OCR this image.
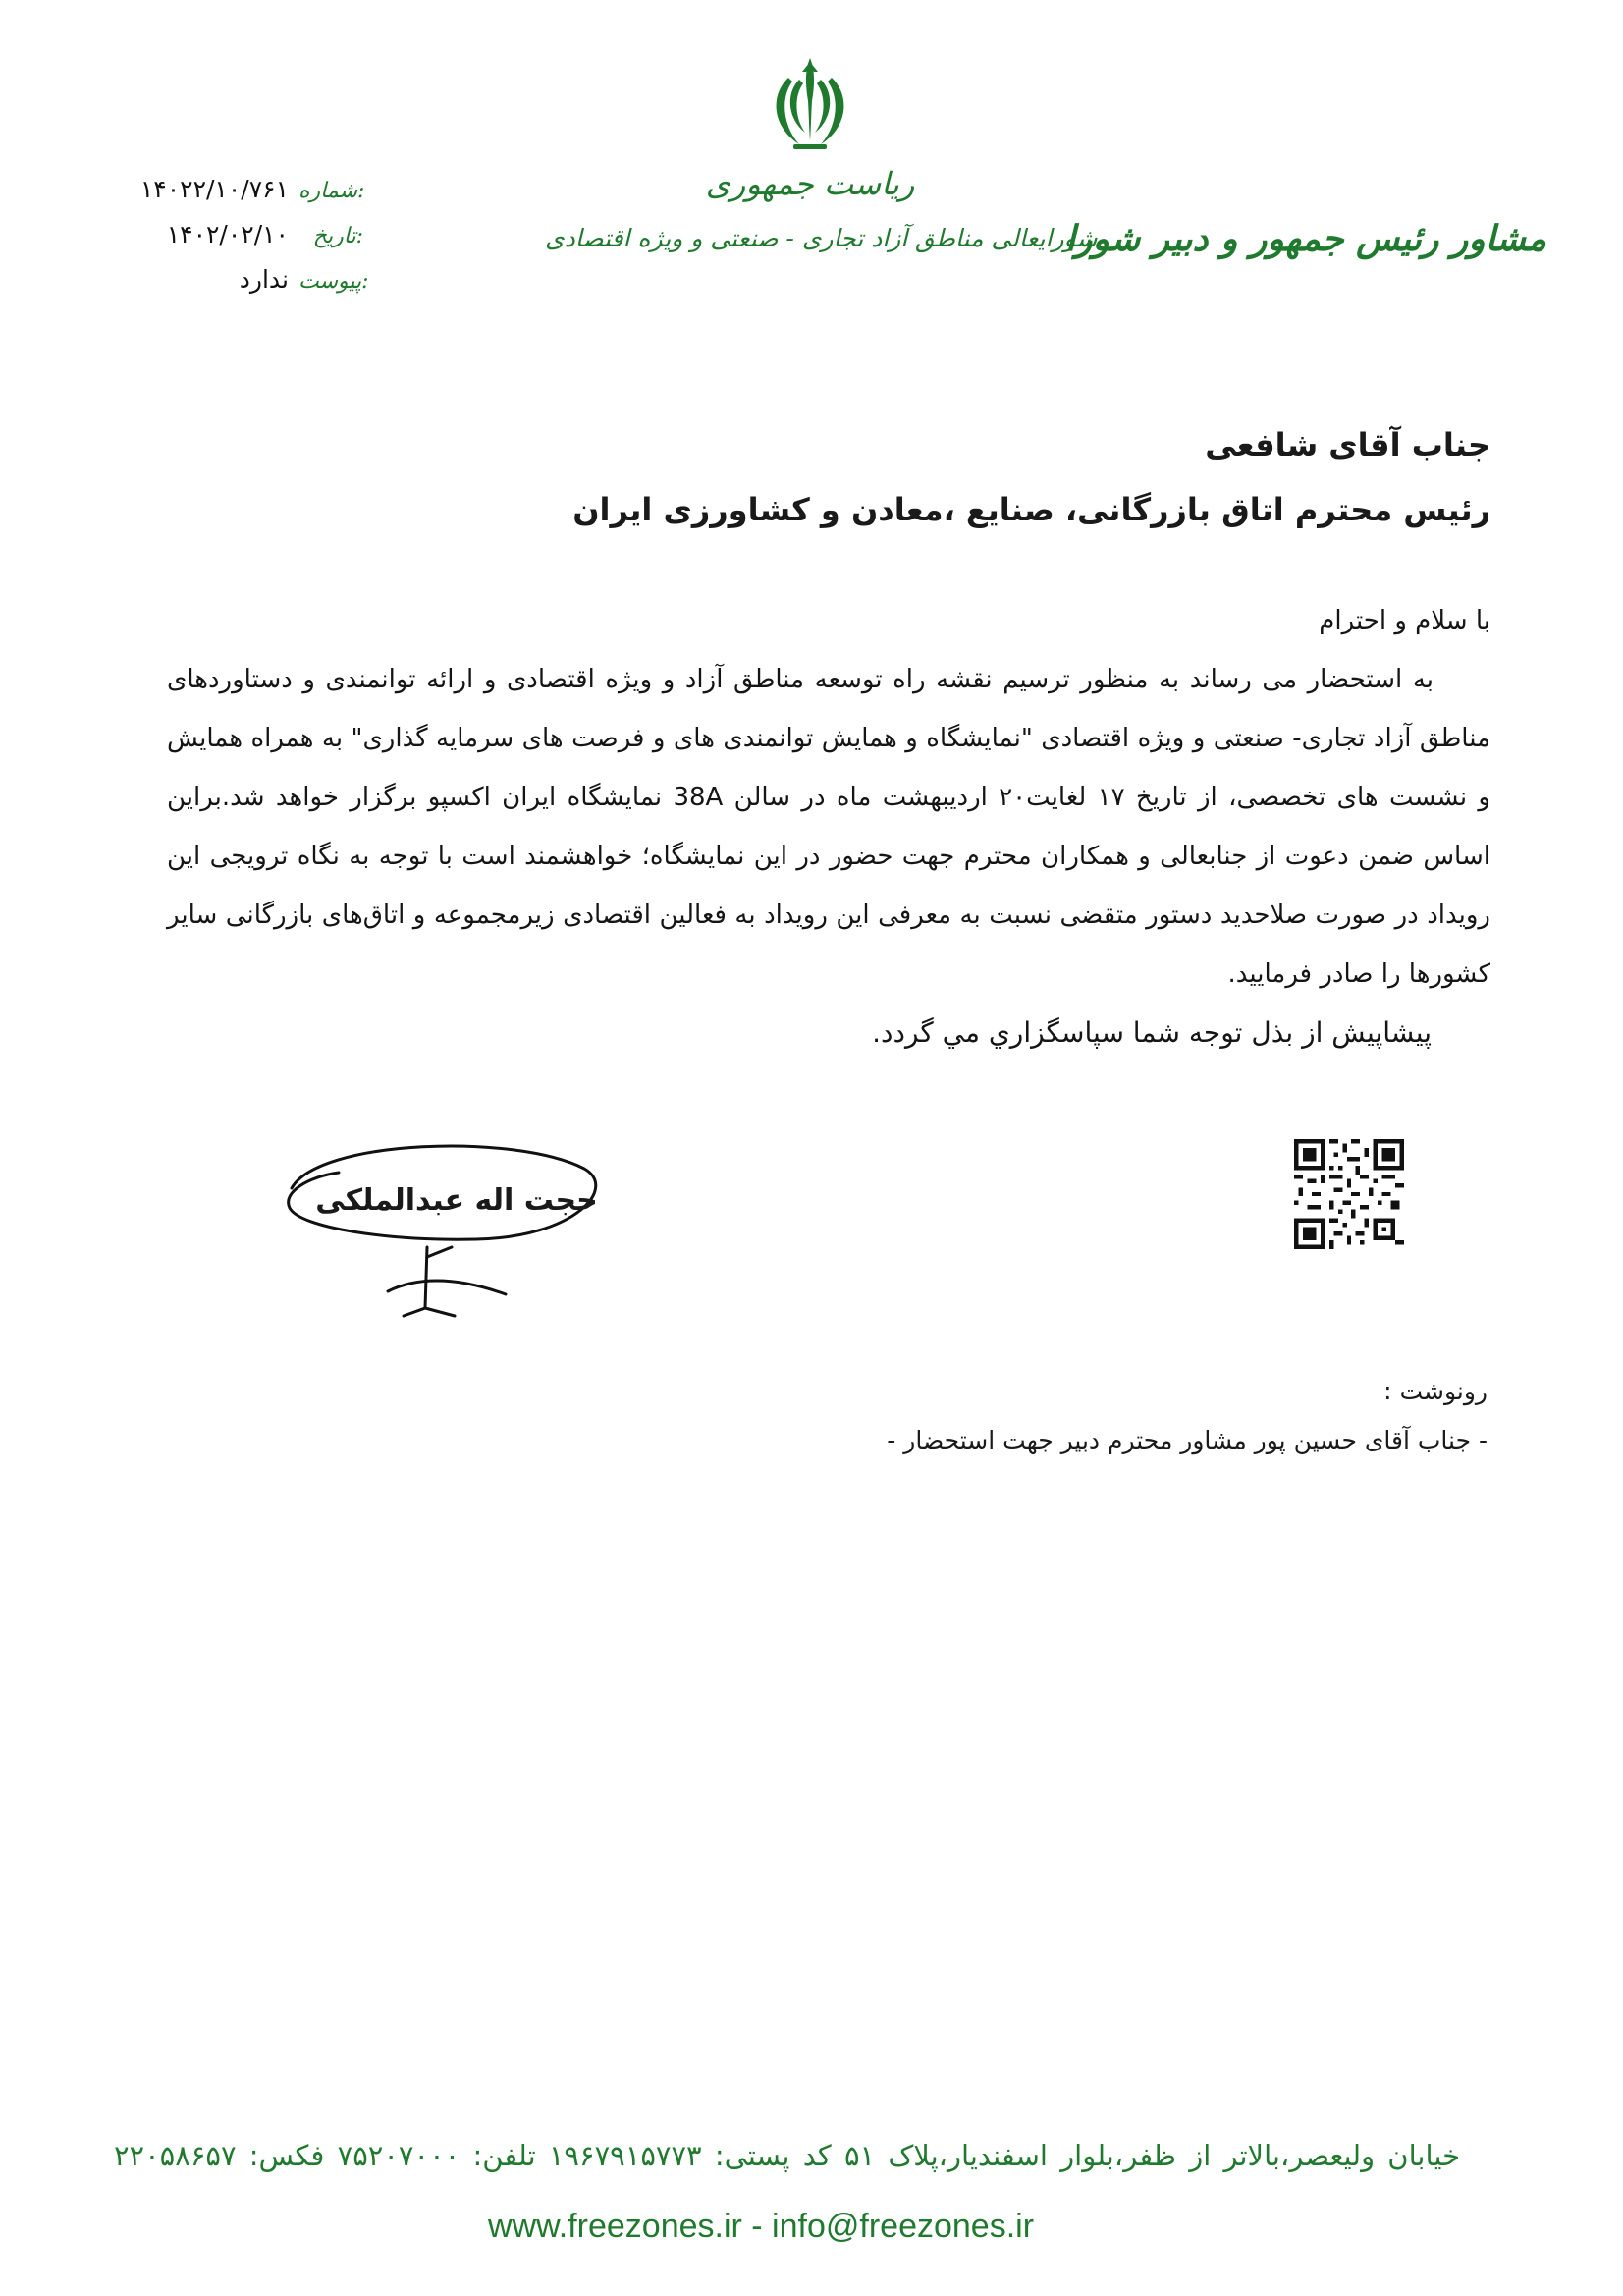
ریاست جمهوری
شورایعالی مناطق آزاد تجاری - صنعتی و ویژه اقتصادی
مشاور رئیس جمهور و دبیر شورا
شماره:
۱۴۰۲۲/۱۰/۷۶۱
تاریخ:
۱۴۰۲/۰۲/۱۰
پیوست:
ندارد
جناب آقای شافعی
رئیس محترم اتاق بازرگانی، صنایع ،معادن و کشاورزی ایران

با سلام و احترام

به استحضار می رساند به منظور ترسیم نقشه راه توسعه مناطق آزاد و ویژه اقتصادی و ارائه توانمندی و دستاوردهای مناطق آزاد تجاری- صنعتی و ویژه اقتصادی "نمایشگاه و همایش توانمندی های و فرصت های سرمایه گذاری" به همراه همایش و نشست های تخصصی، از تاریخ ۱۷ لغایت۲۰ اردیبهشت ماه در سالن 38A نمایشگاه ایران اکسپو برگزار خواهد شد.براین اساس ضمن دعوت از جنابعالی و همکاران محترم جهت حضور در این نمایشگاه؛ خواهشمند است با توجه به نگاه ترویجی این رویداد در صورت صلاحدید دستور متقضی نسبت به معرفی این رویداد به فعالین اقتصادی زیرمجموعه و اتاق‌های بازرگانی سایر کشورها را صادر فرمایید.

پیشاپیش از بذل توجه شما سپاسگزاري مي گردد.

حجت اله عبدالملکی
رونوشت :
- جناب آقای حسین پور مشاور محترم دبیر جهت استحضار -
خیابان ولیعصر،بالاتر از ظفر،بلوار اسفندیار،پلاک ۵۱ کد پستی: ۱۹۶۷۹۱۵۷۷۳ تلفن: ۷۵۲۰۷۰۰۰ فکس: ۲۲۰۵۸۶۵۷
www.freezones.ir - info@freezones.ir
